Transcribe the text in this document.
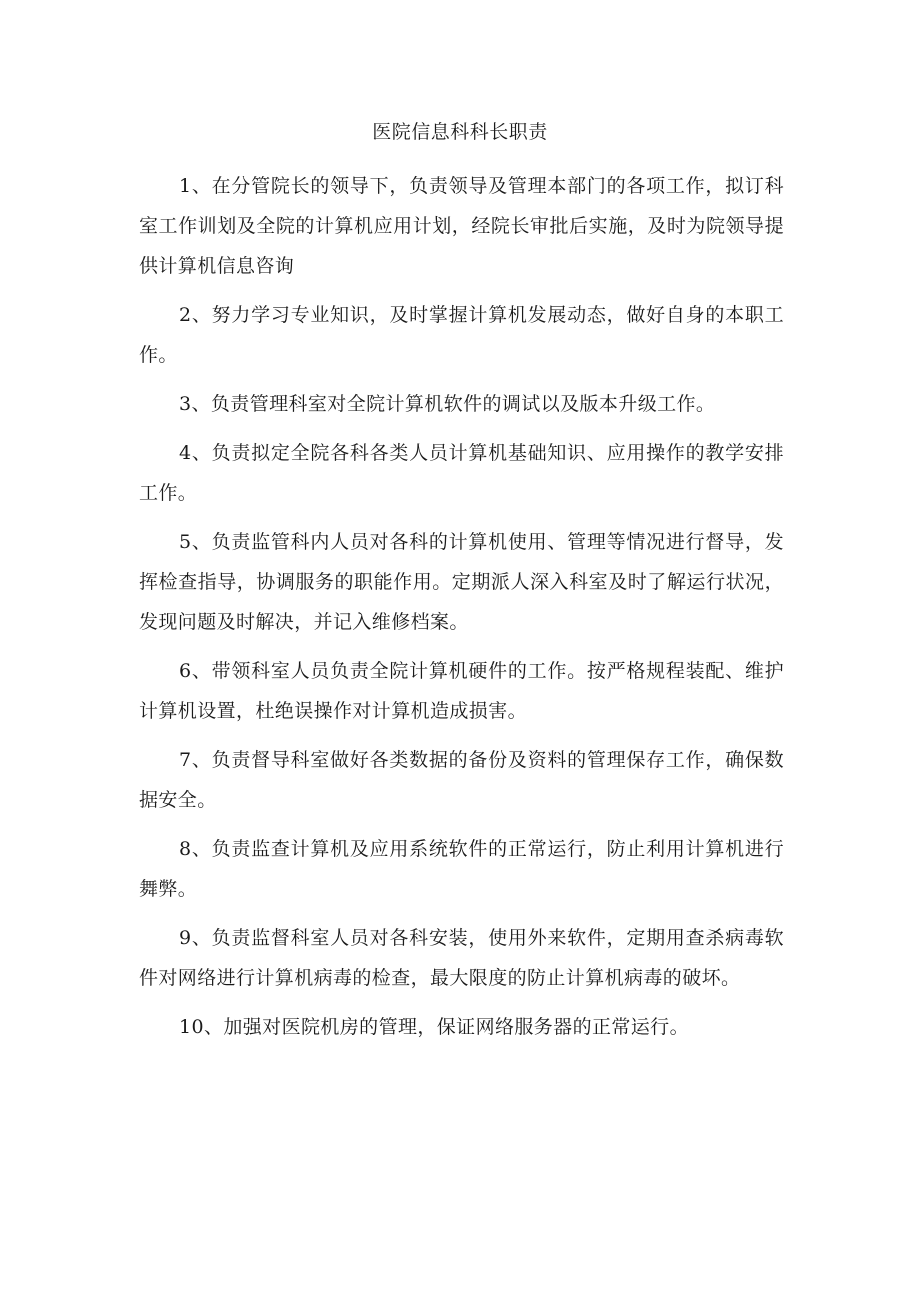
医院信息科科长职责

1、在分管院长的领导下，负责领导及管理本部门的各项工作，拟订科室工作训划及全院的计算机应用计划，经院长审批后实施，及时为院领导提供计算机信息咨询

2、努力学习专业知识，及时掌握计算机发展动态，做好自身的本职工作。

3、负责管理科室对全院计算机软件的调试以及版本升级工作。

4、负责拟定全院各科各类人员计算机基础知识、应用操作的教学安排工作。

5、负责监管科内人员对各科的计算机使用、管理等情况进行督导，发挥检查指导，协调服务的职能作用。定期派人深入科室及时了解运行状况，发现问题及时解决，并记入维修档案。

6、带领科室人员负责全院计算机硬件的工作。按严格规程装配、维护计算机设置，杜绝误操作对计算机造成损害。

7、负责督导科室做好各类数据的备份及资料的管理保存工作，确保数据安全。

8、负责监查计算机及应用系统软件的正常运行，防止利用计算机进行舞弊。

9、负责监督科室人员对各科安装，使用外来软件，定期用查杀病毒软件对网络进行计算机病毒的检查，最大限度的防止计算机病毒的破坏。

10、加强对医院机房的管理，保证网络服务器的正常运行。
